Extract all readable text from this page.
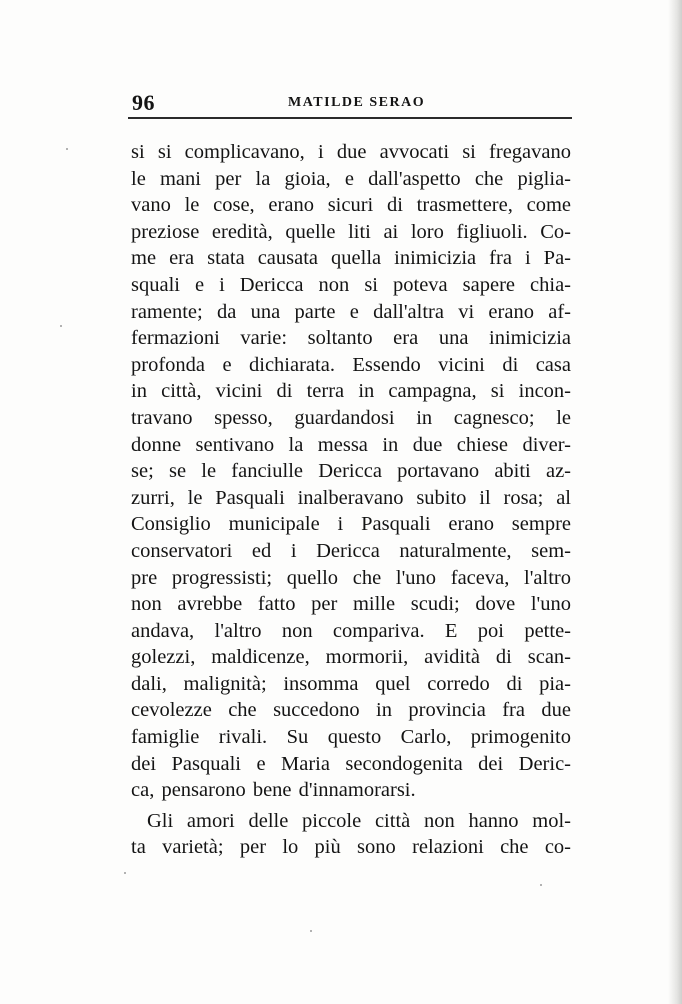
96	MATILDE SERAO
si si complicavano, i due avvocati si fregavano
le mani per la gioia, e dall'aspetto che piglia-
vano le cose, erano sicuri di trasmettere, come
preziose eredità, quelle liti ai loro figliuoli. Co-
me era stata causata quella inimicizia fra i Pa-
squali e i Dericca non si poteva sapere chia-
ramente; da una parte e dall'altra vi erano af-
fermazioni varie: soltanto era una inimicizia
profonda e dichiarata. Essendo vicini di casa
in città, vicini di terra in campagna, si incon-
travano spesso, guardandosi in cagnesco; le
donne sentivano la messa in due chiese diver-
se; se le fanciulle Dericca portavano abiti az-
zurri, le Pasquali inalberavano subito il rosa; al
Consiglio municipale i Pasquali erano sempre
conservatori ed i Dericca naturalmente, sem-
pre progressisti; quello che l'uno faceva, l'altro
non avrebbe fatto per mille scudi; dove l'uno
andava, l'altro non compariva. E poi pette-
golezzi, maldicenze, mormorii, avidità di scan-
dali, malignità; insomma quel corredo di pia-
cevolezze che succedono in provincia fra due
famiglie rivali. Su questo Carlo, primogenito
dei Pasquali e Maria secondogenita dei Deric-
ca, pensarono bene d'innamorarsi.
Gli amori delle piccole città non hanno mol-
ta varietà; per lo più sono relazioni che co-
